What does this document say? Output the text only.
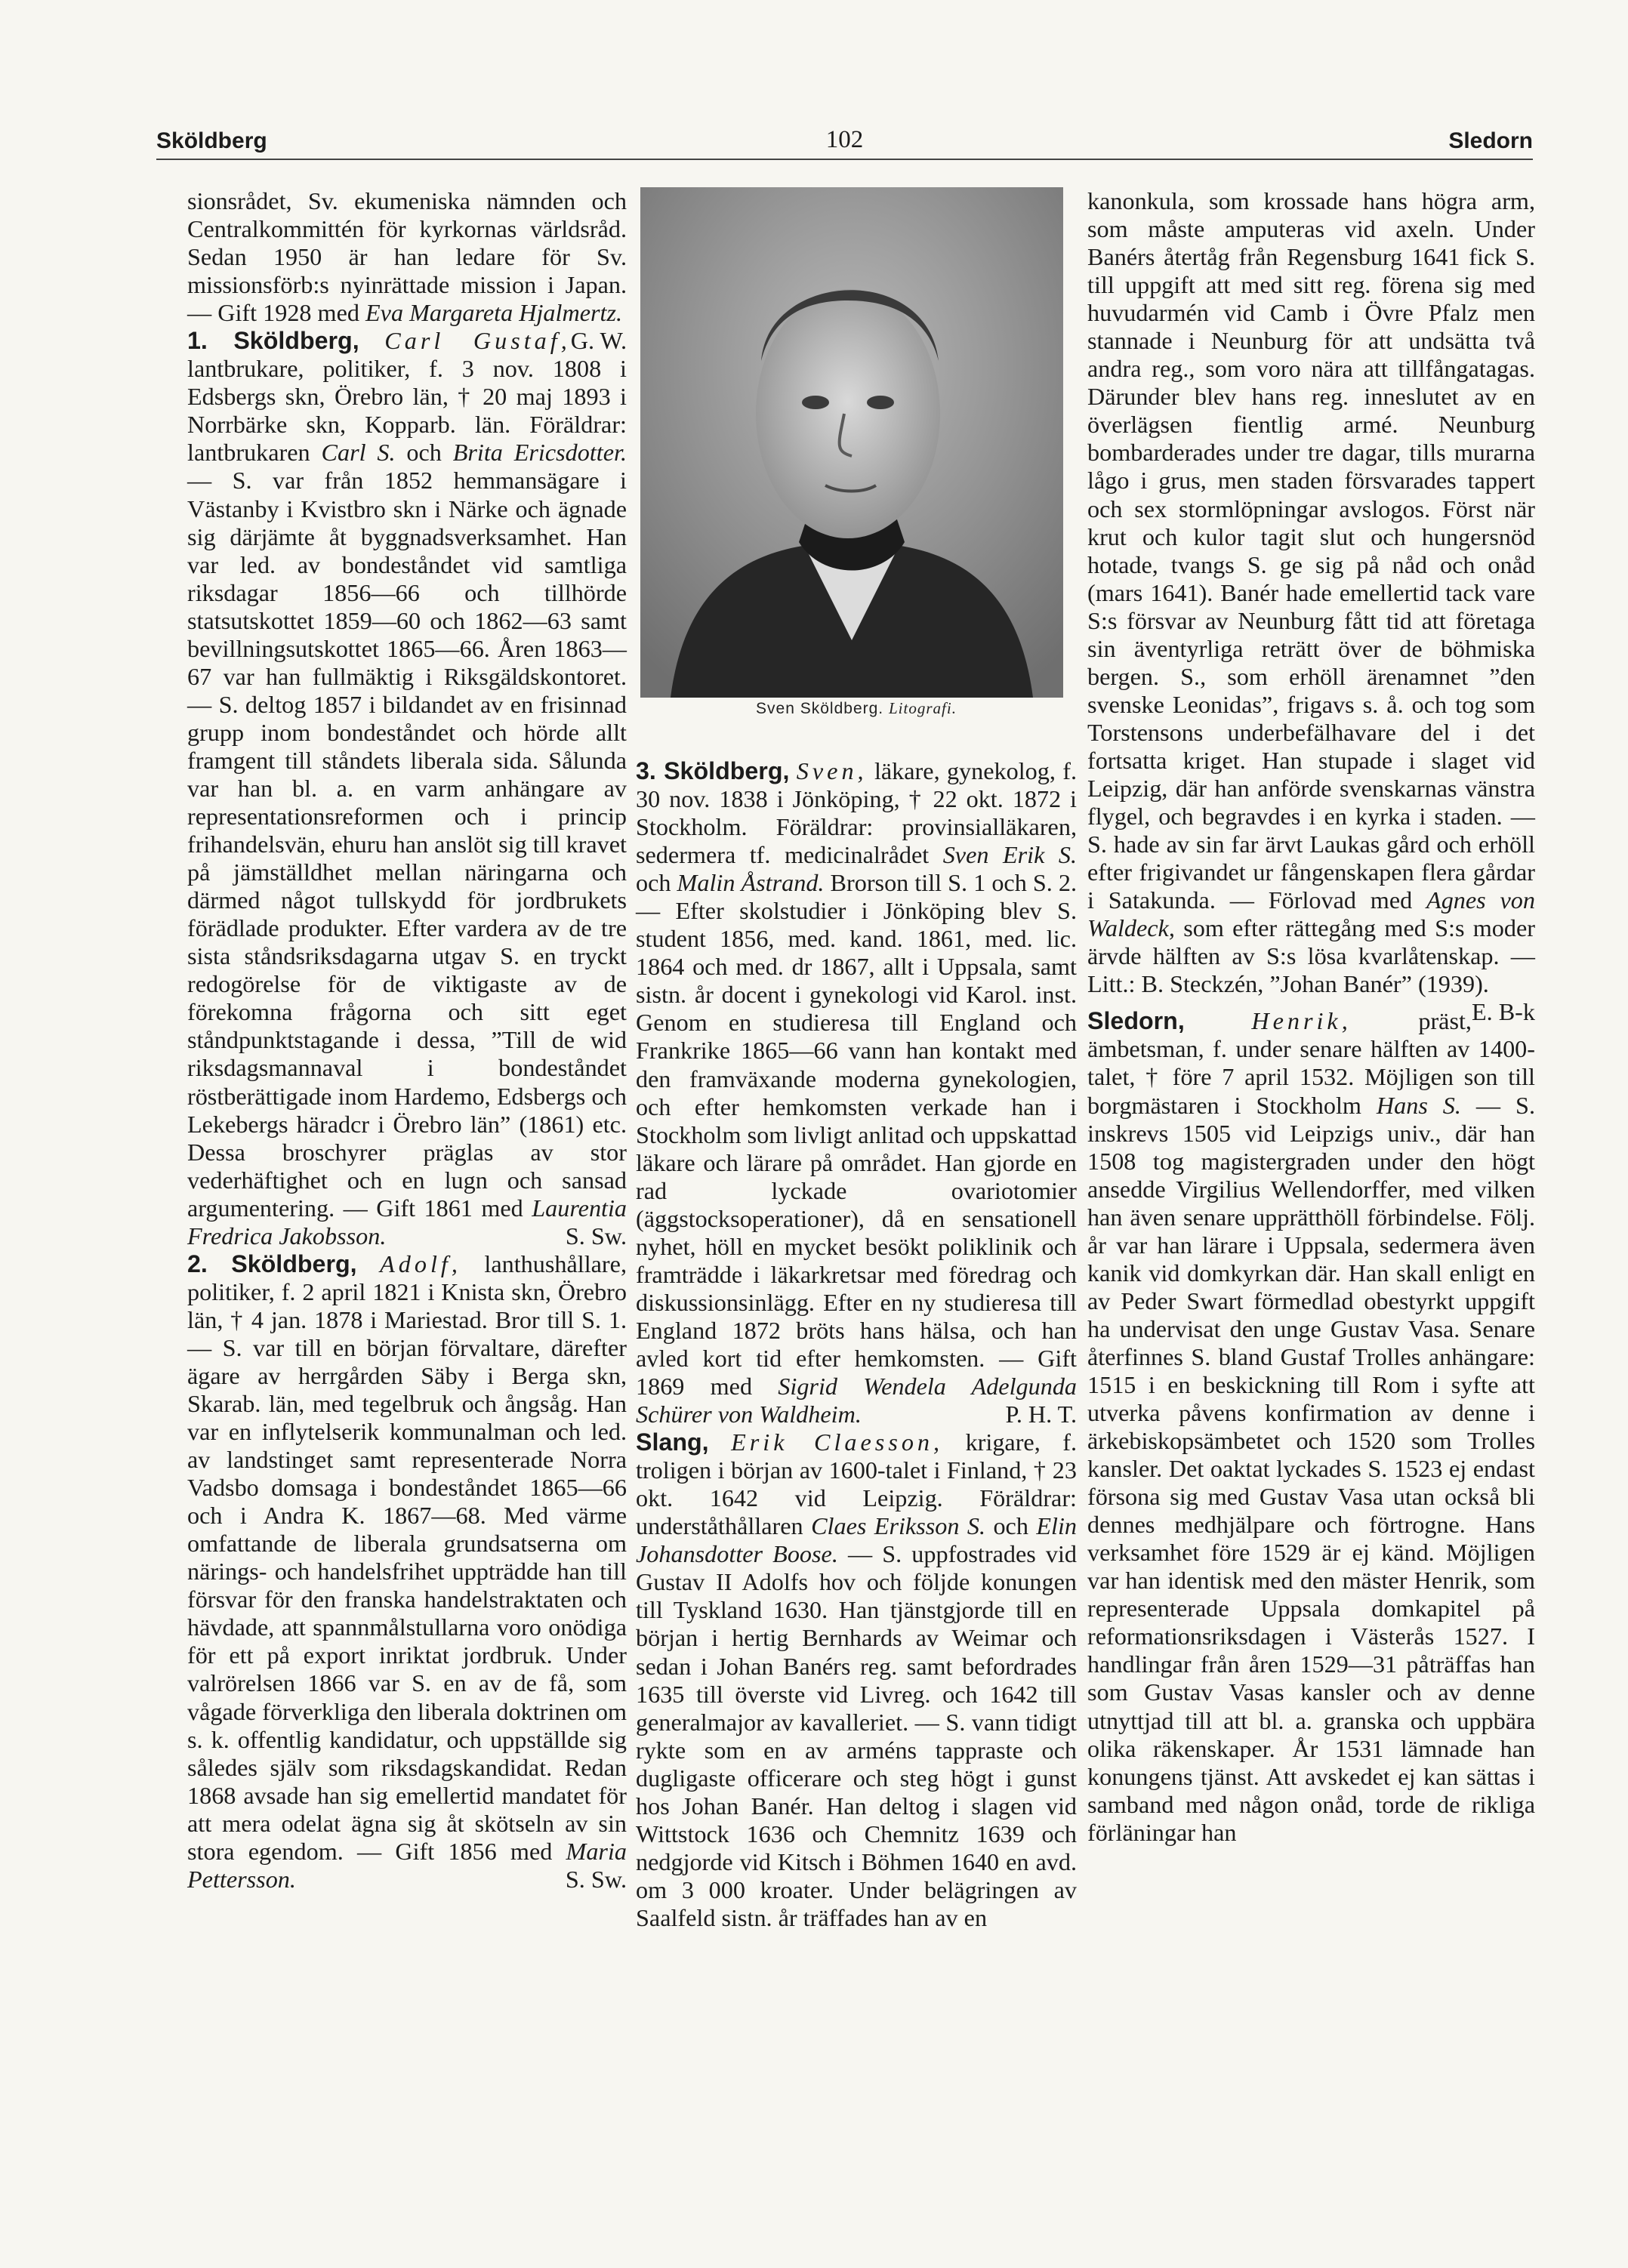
Sköldberg	102	Sledorn

sionsrådet, Sv. ekumeniska nämnden och Centralkommittén för kyrkornas världsråd. Sedan 1950 är han ledare för Sv. missionsförb:s nyinrättade mission i Japan. — Gift 1928 med Eva Margareta Hjalmertz.
G. W.

1. Sköldberg, Carl Gustaf, lantbrukare, politiker, f. 3 nov. 1808 i Edsbergs skn, Örebro län, † 20 maj 1893 i Norrbärke skn, Kopparb. län. Föräldrar: lantbrukaren Carl S. och Brita Ericsdotter. — S. var från 1852 hemmansägare i Västanby i Kvistbro skn i Närke och ägnade sig därjämte åt byggnadsverksamhet. Han var led. av bondeståndet vid samtliga riksdagar 1856—66 och tillhörde statsutskottet 1859—60 och 1862—63 samt bevillningsutskottet 1865—66. Åren 1863—67 var han fullmäktig i Riksgäldskontoret. — S. deltog 1857 i bildandet av en frisinnad grupp inom bondeståndet och hörde allt framgent till ståndets liberala sida. Sålunda var han bl. a. en varm anhängare av representationsreformen och i princip frihandelsvän, ehuru han anslöt sig till kravet på jämställdhet mellan näringarna och därmed något tullskydd för jordbrukets förädlade produkter. Efter vardera av de tre sista ståndsriksdagarna utgav S. en tryckt redogörelse för de viktigaste av de förekomna frågorna och sitt eget ståndpunktstagande i dessa, ”Till de wid riksdagsmannaval i bondeståndet röstberättigade inom Hardemo, Edsbergs och Lekebergs häradcr i Örebro län” (1861) etc. Dessa broschyrer präglas av stor vederhäftighet och en lugn och sansad argumentering. — Gift 1861 med Laurentia Fredrica Jakobsson.	S. Sw.

2. Sköldberg, Adolf, lanthushållare, politiker, f. 2 april 1821 i Knista skn, Örebro län, † 4 jan. 1878 i Mariestad. Bror till S. 1. — S. var till en början förvaltare, därefter ägare av herrgården Säby i Berga skn, Skarab. län, med tegelbruk och ångsåg. Han var en inflytelserik kommunalman och led. av landstinget samt representerade Norra Vadsbo domsaga i bondeståndet 1865—66 och i Andra K. 1867—68. Med värme omfattande de liberala grundsatserna om närings- och handelsfrihet uppträdde han till försvar för den franska handelstraktaten och hävdade, att spannmålstullarna voro onödiga för ett på export inriktat jordbruk. Under valrörelsen 1866 var S. en av de få, som vågade förverkliga den liberala doktrinen om s. k. offentlig kandidatur, och uppställde sig således själv som riksdagskandidat. Redan 1868 avsade han sig emellertid mandatet för att mera odelat ägna sig åt skötseln av sin stora egendom. — Gift 1856 med Maria Pettersson.	S. Sw.

Sven Sköldberg. Litografi.

3. Sköldberg, Sven, läkare, gynekolog, f. 30 nov. 1838 i Jönköping, † 22 okt. 1872 i Stockholm. Föräldrar: provinsialläkaren, sedermera tf. medicinalrådet Sven Erik S. och Malin Åstrand. Brorson till S. 1 och S. 2. — Efter skolstudier i Jönköping blev S. student 1856, med. kand. 1861, med. lic. 1864 och med. dr 1867, allt i Uppsala, samt sistn. år docent i gynekologi vid Karol. inst. Genom en studieresa till England och Frankrike 1865—66 vann han kontakt med den framväxande moderna gynekologien, och efter hemkomsten verkade han i Stockholm som livligt anlitad och uppskattad läkare och lärare på området. Han gjorde en rad lyckade ovariotomier (äggstocksoperationer), då en sensationell nyhet, höll en mycket besökt poliklinik och framträdde i läkarkretsar med föredrag och diskussionsinlägg. Efter en ny studieresa till England 1872 bröts hans hälsa, och han avled kort tid efter hemkomsten. — Gift 1869 med Sigrid Wendela Adelgunda Schürer von Waldheim.	P. H. T.

Slang, Erik Claesson, krigare, f. troligen i början av 1600-talet i Finland, † 23 okt. 1642 vid Leipzig. Föräldrar: underståthållaren Claes Eriksson S. och Elin Johansdotter Boose. — S. uppfostrades vid Gustav II Adolfs hov och följde konungen till Tyskland 1630. Han tjänstgjorde till en början i hertig Bernhards av Weimar och sedan i Johan Banérs reg. samt befordrades 1635 till överste vid Livreg. och 1642 till generalmajor av kavalleriet. — S. vann tidigt rykte som en av arméns tappraste och dugligaste officerare och steg högt i gunst hos Johan Banér. Han deltog i slagen vid Wittstock 1636 och Chemnitz 1639 och nedgjorde vid Kitsch i Böhmen 1640 en avd. om 3 000 kroater. Under belägringen av Saalfeld sistn. år träffades han av en

kanonkula, som krossade hans högra arm, som måste amputeras vid axeln. Under Banérs återtåg från Regensburg 1641 fick S. till uppgift att med sitt reg. förena sig med huvudarmén vid Camb i Övre Pfalz men stannade i Neunburg för att undsätta två andra reg., som voro nära att tillfångatagas. Därunder blev hans reg. inneslutet av en överlägsen fientlig armé. Neunburg bombarderades under tre dagar, tills murarna lågo i grus, men staden försvarades tappert och sex stormlöpningar avslogos. Först när krut och kulor tagit slut och hungersnöd hotade, tvangs S. ge sig på nåd och onåd (mars 1641). Banér hade emellertid tack vare S:s försvar av Neunburg fått tid att företaga sin äventyrliga reträtt över de böhmiska bergen. S., som erhöll ärenamnet ”den svenske Leonidas”, frigavs s. å. och tog som Torstensons underbefälhavare del i det fortsatta kriget. Han stupade i slaget vid Leipzig, där han anförde svenskarnas vänstra flygel, och begravdes i en kyrka i staden. — S. hade av sin far ärvt Laukas gård och erhöll efter frigivandet ur fångenskapen flera gårdar i Satakunda. — Förlovad med Agnes von Waldeck, som efter rättegång med S:s moder ärvde hälften av S:s lösa kvarlåtenskap. — Litt.: B. Steckzén, ”Johan Banér” (1939).
E. B-k

Sledorn,	Henrik,	präst, ämbetsman, f. under senare hälften av 1400-talet, † före 7 april 1532. Möjligen son till borgmästaren i Stockholm Hans S. — S. inskrevs 1505 vid Leipzigs univ., där han 1508 tog magistergraden under den högt ansedde Virgilius Wellendorffer, med vilken han även senare upprätthöll förbindelse. Följ. år var han lärare i Uppsala, sedermera även kanik vid domkyrkan där. Han skall enligt en av Peder Swart förmedlad obestyrkt uppgift ha undervisat den unge Gustav Vasa. Senare återfinnes S. bland Gustaf Trolles anhängare: 1515 i en beskickning till Rom i syfte att utverka påvens konfirmation av denne i ärkebiskopsämbetet och 1520 som Trolles kansler. Det oaktat lyckades S. 1523 ej endast försona sig med Gustav Vasa utan också bli dennes medhjälpare och förtrogne. Hans verksamhet före 1529 är ej känd. Möjligen var han identisk med den mäster Henrik, som representerade Uppsala domkapitel på reformationsriksdagen i Västerås 1527. I handlingar från åren 1529—31 påträffas han som Gustav Vasas kansler och av denne utnyttjad till att bl. a. granska och uppbära olika räkenskaper. År 1531 lämnade han konungens tjänst. Att avskedet ej kan sättas i samband med någon onåd, torde de rikliga förläningar han
